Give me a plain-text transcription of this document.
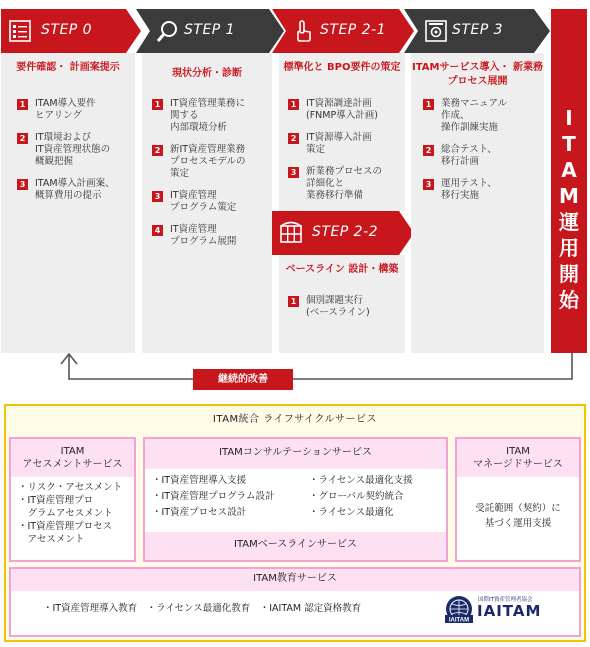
STEP 0	STEP 1	STEP 2-1	STEP 3
要件確認・ 計画案提示
1 ITAM導入要件
ヒアリング
2 IT環境および
IT資産管理状態の
概観把握
3 ITAM導入計画案、
概算費用の提示
現状分析・診断
1 IT資産管理業務に
関する
内部環境分析
2 新IT資産管理業務
プロセスモデルの
策定
3 IT資産管理
プログラム策定
4 IT資産管理
プログラム展開
標準化と BPO要件の策定
1 IT資源調達計画
(FNMP導入計画)
2 IT資源導入計画
策定
3 新業務プロセスの
詳細化と
業務移行準備
STEP 2-2
ベースライン 設計・構築
1 個別課題実行
(ベースライン)
ITAMサービス導入・ 新業務プロセス展開
1 業務マニュアル
作成、
操作訓練実施
2 総合テスト、
移行計画
3 運用テスト、
移行実施
I
T
A
M
運
用
開
始
継続的改善
ITAM統合 ライフサイクルサービス
ITAM
アセスメントサービス
・リスク・アセスメント
・IT資産管理プロ
　グラムアセスメント
・IT資産管理プロセス
　アセスメント
ITAMコンサルテーションサービス
・IT資産管理導入支援
・IT資産管理プログラム設計
・IT資産プロセス設計
・ライセンス最適化支援
・グローバル契約統合
・ライセンス最適化
ITAMベースラインサービス
ITAM
マネージドサービス
受託範囲（契約）に
基づく運用支援
ITAM教育サービス
・IT資産管理導入教育　・ライセンス最適化教育　・IAITAM 認定資格教育
IAITAM
国際IT資産管理者協会
IAITAM
